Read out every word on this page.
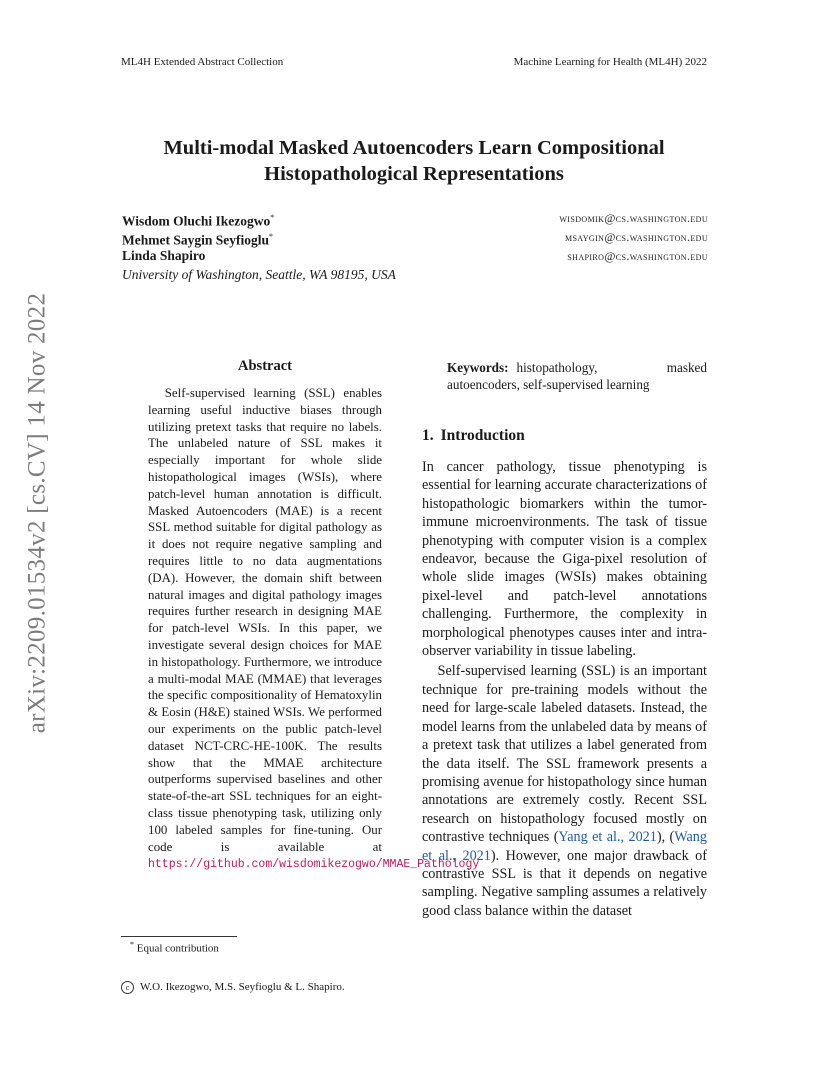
ML4H Extended Abstract Collection	Machine Learning for Health (ML4H) 2022
arXiv:2209.01534v2 [cs.CV] 14 Nov 2022
Multi-modal Masked Autoencoders Learn Compositional Histopathological Representations
Wisdom Oluchi Ikezogwo*	wisdomik@cs.washington.edu
Mehmet Saygin Seyfioglu*	msaygin@cs.washington.edu
Linda Shapiro	shapiro@cs.washington.edu
University of Washington, Seattle, WA 98195, USA
Abstract
Self-supervised learning (SSL) enables learning useful inductive biases through utilizing pretext tasks that require no labels. The unlabeled nature of SSL makes it especially important for whole slide histopathological images (WSIs), where patch-level human annotation is difficult. Masked Autoencoders (MAE) is a recent SSL method suitable for digital pathology as it does not require negative sampling and requires little to no data augmentations (DA). However, the domain shift between natural images and digital pathology images requires further research in designing MAE for patch-level WSIs. In this paper, we investigate several design choices for MAE in histopathology. Furthermore, we introduce a multi-modal MAE (MMAE) that leverages the specific compositionality of Hematoxylin & Eosin (H&E) stained WSIs. We performed our experiments on the public patch-level dataset NCT-CRC-HE-100K. The results show that the MMAE architecture outperforms supervised baselines and other state-of-the-art SSL techniques for an eight-class tissue phenotyping task, utilizing only 100 labeled samples for fine-tuning. Our code is available at https://github.com/wisdomikezogwo/MMAE_Pathology
* Equal contribution
c W.O. Ikezogwo, M.S. Seyfioglu & L. Shapiro.
Keywords: histopathology, masked autoencoders, self-supervised learning
1. Introduction

In cancer pathology, tissue phenotyping is essential for learning accurate characterizations of histopathologic biomarkers within the tumor-immune microenvironments. The task of tissue phenotyping with computer vision is a complex endeavor, because the Giga-pixel resolution of whole slide images (WSIs) makes obtaining pixel-level and patch-level annotations challenging. Furthermore, the complexity in morphological phenotypes causes inter and intra-observer variability in tissue labeling.

Self-supervised learning (SSL) is an important technique for pre-training models without the need for large-scale labeled datasets. Instead, the model learns from the unlabeled data by means of a pretext task that utilizes a label generated from the data itself. The SSL framework presents a promising avenue for histopathology since human annotations are extremely costly. Recent SSL research on histopathology focused mostly on contrastive techniques (Yang et al., 2021), (Wang et al., 2021). However, one major drawback of contrastive SSL is that it depends on negative sampling. Negative sampling assumes a relatively good class balance within the dataset
